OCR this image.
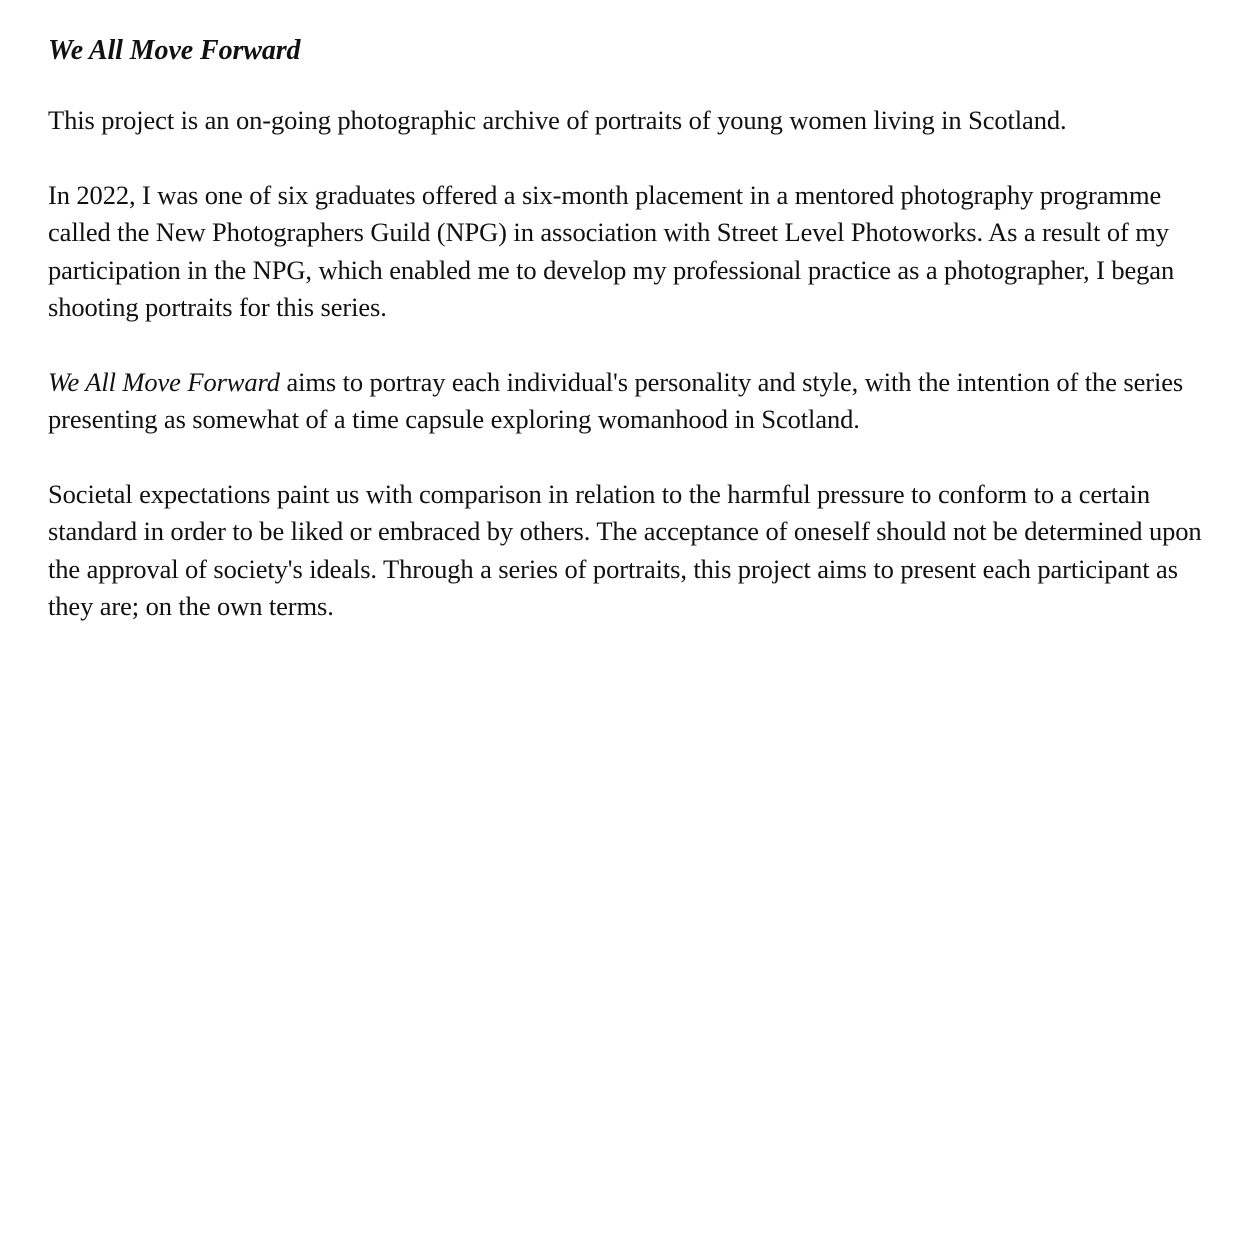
We All Move Forward

This project is an on-going photographic archive of portraits of young women living in Scotland.

In 2022, I was one of six graduates offered a six-month placement in a mentored photography programme called the New Photographers Guild (NPG) in association with Street Level Photoworks. As a result of my participation in the NPG, which enabled me to develop my professional practice as a photographer, I began shooting portraits for this series.

We All Move Forward aims to portray each individual's personality and style, with the intention of the series presenting as somewhat of a time capsule exploring womanhood in Scotland.

Societal expectations paint us with comparison in relation to the harmful pressure to conform to a certain standard in order to be liked or embraced by others. The acceptance of oneself should not be determined upon the approval of society's ideals. Through a series of portraits, this project aims to present each participant as they are; on the own terms.
